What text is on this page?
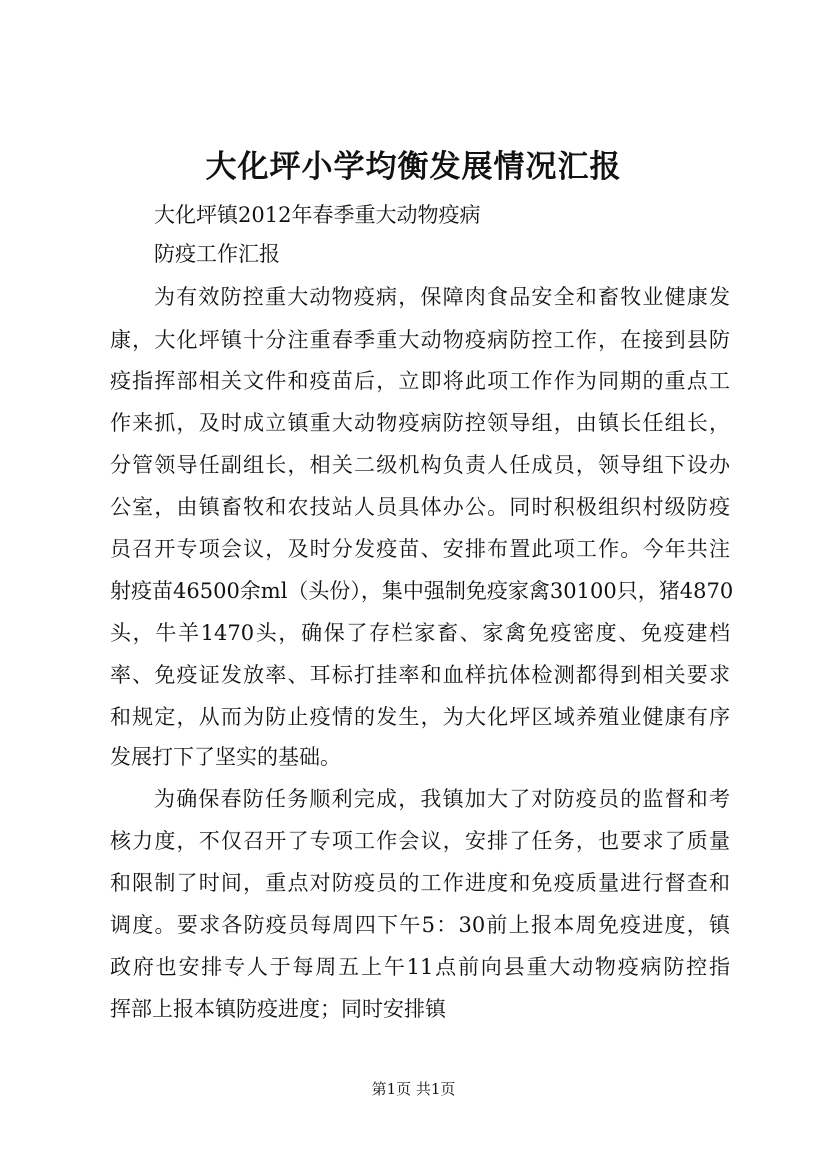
大化坪小学均衡发展情况汇报
大化坪镇2012年春季重大动物疫病
防疫工作汇报
为有效防控重大动物疫病，保障肉食品安全和畜牧业健康发
康，大化坪镇十分注重春季重大动物疫病防控工作，在接到县防
疫指挥部相关文件和疫苗后，立即将此项工作作为同期的重点工
作来抓，及时成立镇重大动物疫病防控领导组，由镇长任组长，
分管领导任副组长，相关二级机构负责人任成员，领导组下设办
公室，由镇畜牧和农技站人员具体办公。同时积极组织村级防疫
员召开专项会议，及时分发疫苗、安排布置此项工作。今年共注
射疫苗46500余ml（头份），集中强制免疫家禽30100只，猪4870
头，牛羊1470头，确保了存栏家畜、家禽免疫密度、免疫建档
率、免疫证发放率、耳标打挂率和血样抗体检测都得到相关要求
和规定，从而为防止疫情的发生，为大化坪区域养殖业健康有序
发展打下了坚实的基础。
为确保春防任务顺利完成，我镇加大了对防疫员的监督和考
核力度，不仅召开了专项工作会议，安排了任务，也要求了质量
和限制了时间，重点对防疫员的工作进度和免疫质量进行督查和
调度。要求各防疫员每周四下午5：30前上报本周免疫进度，镇
政府也安排专人于每周五上午11点前向县重大动物疫病防控指
挥部上报本镇防疫进度；同时安排镇
第1页 共1页
